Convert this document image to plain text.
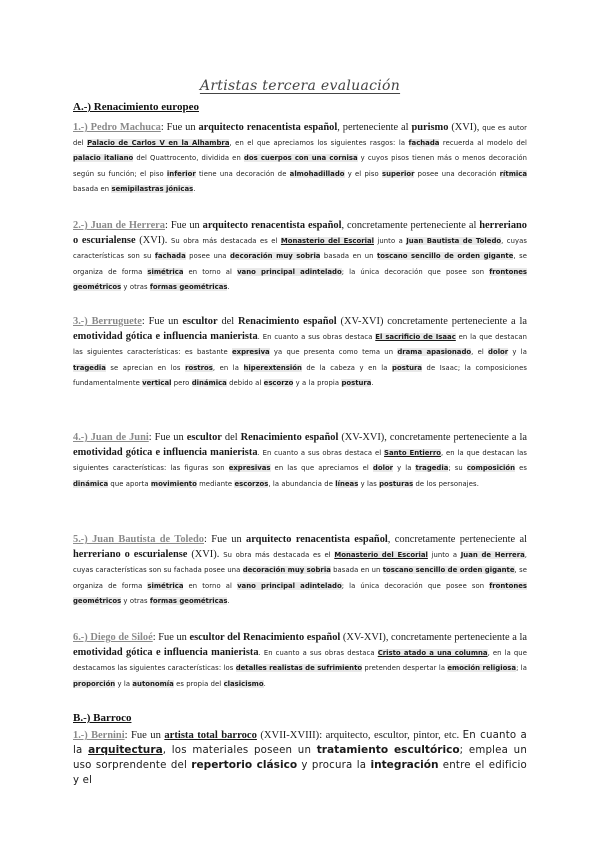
Artistas tercera evaluación
A.-) Renacimiento europeo
1.-) Pedro Machuca: Fue un arquitecto renacentista español, perteneciente al purismo (XVI), que es autor del Palacio de Carlos V en la Alhambra, en el que apreciamos los siguientes rasgos: la fachada recuerda al modelo del palacio italiano del Quattrocento, dividida en dos cuerpos con una cornisa y cuyos pisos tienen más o menos decoración según su función; el piso inferior tiene una decoración de almohadillado y el piso superior posee una decoración rítmica basada en semipilastras jónicas.
2.-) Juan de Herrera: Fue un arquitecto renacentista español, concretamente perteneciente al herreriano o escurialense (XVI). Su obra más destacada es el Monasterio del Escorial junto a Juan Bautista de Toledo, cuyas características son su fachada posee una decoración muy sobria basada en un toscano sencillo de orden gigante, se organiza de forma simétrica en torno al vano principal adintelado; la única decoración que posee son frontones geométricos y otras formas geométricas.
3.-) Berruguete: Fue un escultor del Renacimiento español (XV-XVI) concretamente perteneciente a la emotividad gótica e influencia manierista. En cuanto a sus obras destaca El sacrificio de Isaac en la que destacan las siguientes características: es bastante expresiva ya que presenta como tema un drama apasionado, el dolor y la tragedia se aprecian en los rostros, en la hiperextensión de la cabeza y en la postura de Isaac; la composiciones fundamentalmente vertical pero dinámica debido al escorzo y a la propia postura.
4.-) Juan de Juni: Fue un escultor del Renacimiento español (XV-XVI), concretamente perteneciente a la emotividad gótica e influencia manierista. En cuanto a sus obras destaca el Santo Entierro, en la que destacan las siguientes características: las figuras son expresivas en las que apreciamos el dolor y la tragedia; su composición es dinámica que aporta movimiento mediante escorzos, la abundancia de líneas y las posturas de los personajes.
5.-) Juan Bautista de Toledo: Fue un arquitecto renacentista español, concretamente perteneciente al herreriano o escurialense (XVI). Su obra más destacada es el Monasterio del Escorial junto a Juan de Herrera, cuyas características son su fachada posee una decoración muy sobria basada en un toscano sencillo de orden gigante, se organiza de forma simétrica en torno al vano principal adintelado; la única decoración que posee son frontones geométricos y otras formas geométricas.
6.-) Diego de Siloé: Fue un escultor del Renacimiento español (XV-XVI), concretamente perteneciente a la emotividad gótica e influencia manierista. En cuanto a sus obras destaca Cristo atado a una columna, en la que destacamos las siguientes características: los detalles realistas de sufrimiento pretenden despertar la emoción religiosa; la proporción y la autonomía es propia del clasicismo.
B.-) Barroco
1.-) Bernini: Fue un artista total barroco (XVII-XVIII): arquitecto, escultor, pintor, etc. En cuanto a la arquitectura, los materiales poseen un tratamiento escultórico; emplea un uso sorprendente del repertorio clásico y procura la integración entre el edificio y el
